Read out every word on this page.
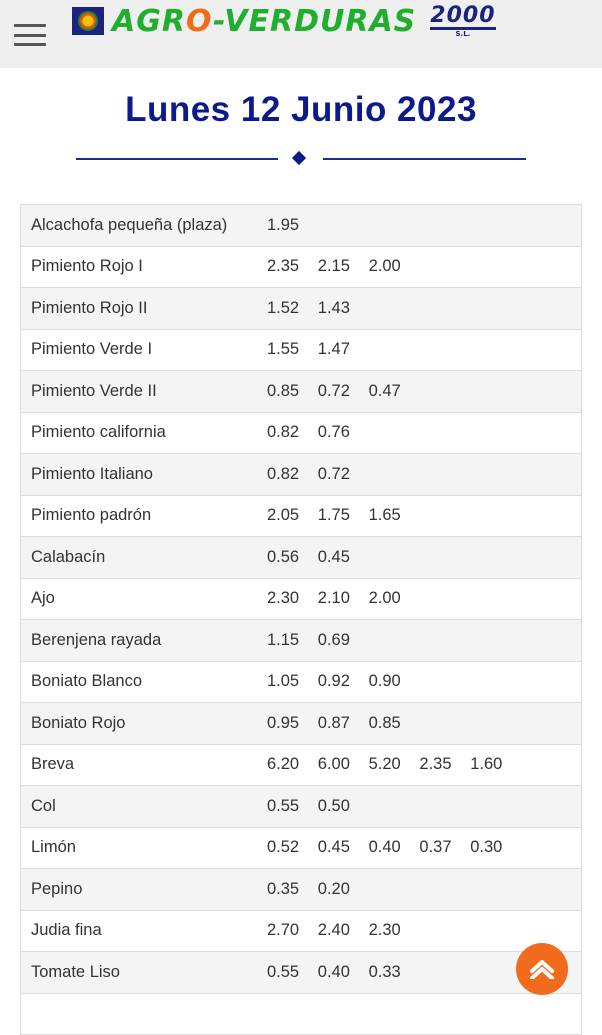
AGRO-VERDURAS 2000
S.L.
Lunes 12 Junio 2023
Alcachofa pequeña (plaza)	1.95
Pimiento Rojo I	2.35	2.15	2.00
Pimiento Rojo II	1.52	1.43
Pimiento Verde I	1.55	1.47
Pimiento Verde II	0.85	0.72	0.47
Pimiento california	0.82	0.76
Pimiento Italiano	0.82	0.72
Pimiento padrón	2.05	1.75	1.65
Calabacín	0.56	0.45
Ajo	2.30	2.10	2.00
Berenjena rayada	1.15	0.69
Boniato Blanco	1.05	0.92	0.90
Boniato Rojo	0.95	0.87	0.85
Breva	6.20	6.00	5.20	2.35	1.60
Col	0.55	0.50
Limón	0.52	0.45	0.40	0.37	0.30
Pepino	0.35	0.20
Judia fina	2.70	2.40	2.30
Tomate Liso	0.55	0.40	0.33
